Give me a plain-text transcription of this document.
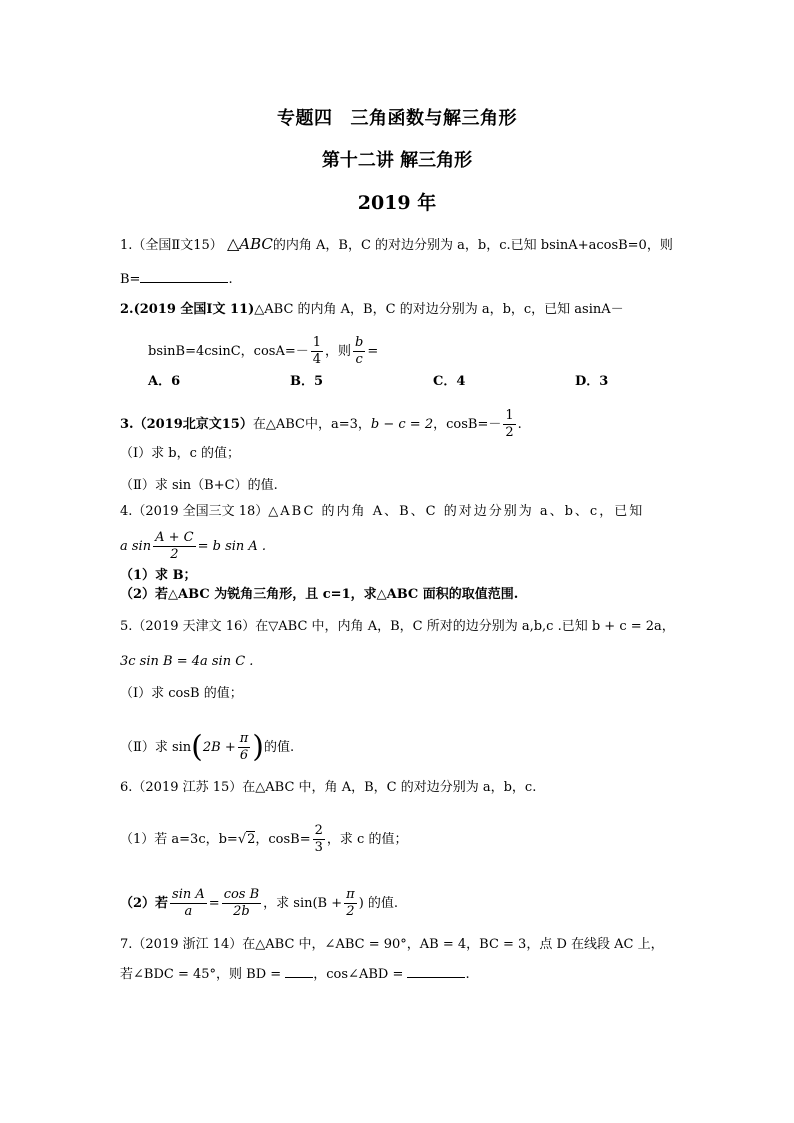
专题四 三角函数与解三角形
第十二讲 解三角形
2019 年
1.（全国Ⅱ文15） △ABC的内角 A，B，C 的对边分别为 a，b，c.已知 bsinA+acosB=0，则
B=	.
2.(2019 全国Ⅰ文 11)△ABC 的内角 A，B，C 的对边分别为 a，b，c，已知 asinA－
bsinB=4csinC，$\cos A=- \frac{1}{4}$ ，则 $\frac{b}{c}$ =
A．6	B．5	C．4	D．3
3.（2019北京文15）在△ABC中，a=3，b − c = 2，$\cos B=- \frac{1}{2}$ .
（Ⅰ）求 b，c 的值；
（Ⅱ）求 sin（B+C）的值.
4.（2019 全国三文 18）△ABC 的内角 A、B、C 的对边分别为 a、b、c，已知
a $\sin \frac{A + C}{2} = b$ sin A .
（1）求 B；
（2）若△ABC 为锐角三角形，且 c=1，求△ABC 面积的取值范围.
5.（2019 天津文 16）在▽ABC 中，内角 A，B，C 所对的边分别为 a,b,c .已知 b + c = 2a，
3c sin B = 4a sin C .
（Ⅰ）求 cosB 的值；
（Ⅱ）求 $\sin(2B + \frac{\pi}{6}$ )的值.
6.（2019 江苏 15）在△ABC 中，角 A，B，C 的对边分别为 a，b，c.
（1）若 a=3c，b=√2，$\cos B= \frac{2}{3}$ ，求 c 的值；
（2）若 $\frac{\text{sin A}}{a} = \frac{\text{cos B}}{2b}$ ，求 $\sin(B + \frac{\pi}{2}$ ) 的值.
7.（2019 浙江 14）在△ABC 中，∠ABC = 90°，AB = 4，BC = 3，点 D 在线段 AC 上，
若∠BDC = 45°，则 BD = ，cos∠ABD =	.
